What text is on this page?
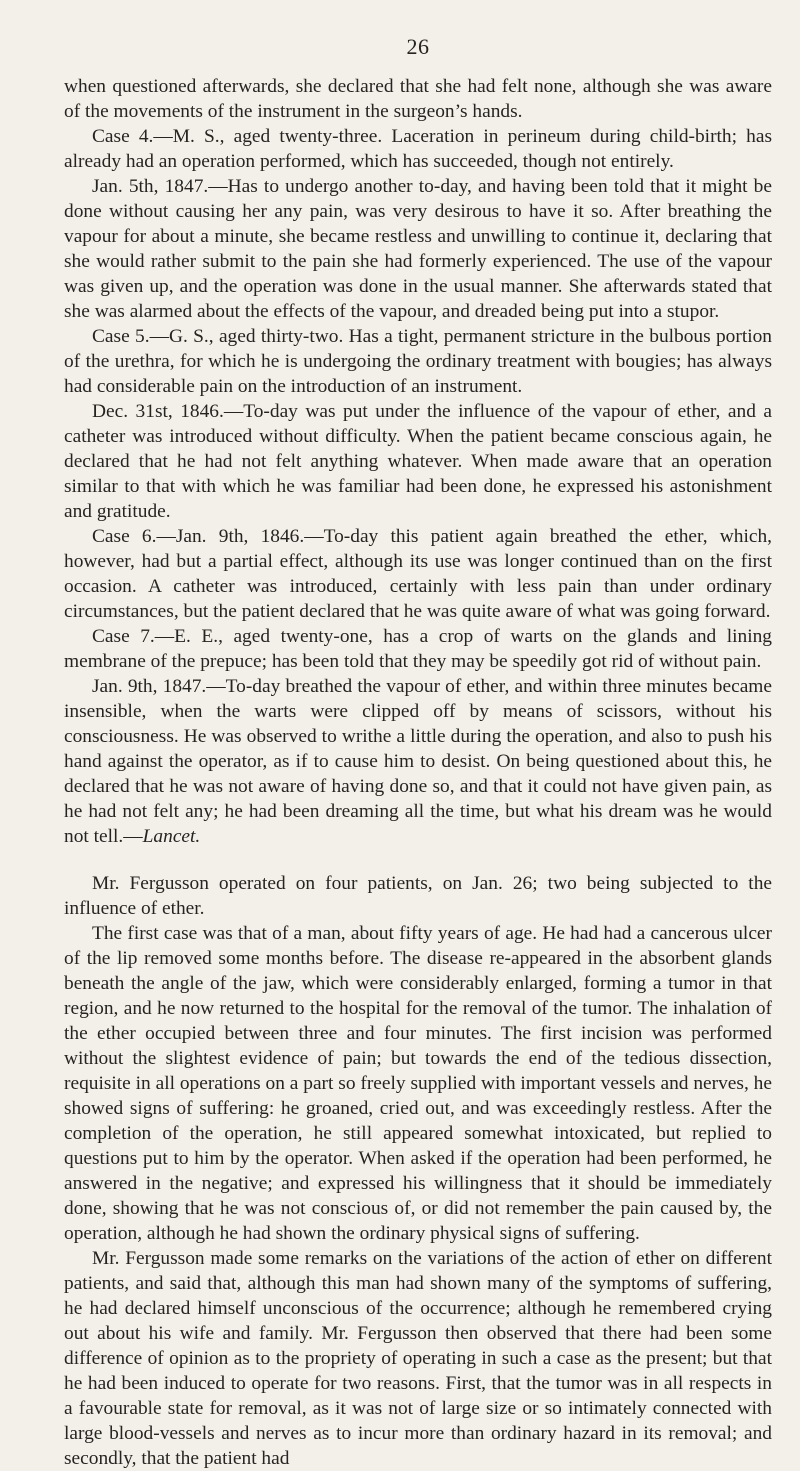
26

when questioned afterwards, she declared that she had felt none, although she was aware of the movements of the instrument in the surgeon’s hands.

Case 4.—M. S., aged twenty-three. Laceration in perineum during child-birth; has already had an operation performed, which has succeeded, though not entirely.

Jan. 5th, 1847.—Has to undergo another to-day, and having been told that it might be done without causing her any pain, was very desirous to have it so. After breathing the vapour for about a minute, she became restless and unwilling to continue it, declaring that she would rather submit to the pain she had formerly experienced. The use of the vapour was given up, and the operation was done in the usual manner. She afterwards stated that she was alarmed about the effects of the vapour, and dreaded being put into a stupor.

Case 5.—G. S., aged thirty-two. Has a tight, permanent stricture in the bulbous portion of the urethra, for which he is undergoing the ordinary treatment with bougies; has always had considerable pain on the introduction of an instrument.

Dec. 31st, 1846.—To-day was put under the influence of the vapour of ether, and a catheter was introduced without difficulty. When the patient became conscious again, he declared that he had not felt anything whatever. When made aware that an operation similar to that with which he was familiar had been done, he expressed his astonishment and gratitude.

Case 6.—Jan. 9th, 1846.—To-day this patient again breathed the ether, which, however, had but a partial effect, although its use was longer continued than on the first occasion. A catheter was introduced, certainly with less pain than under ordinary circumstances, but the patient declared that he was quite aware of what was going forward.

Case 7.—E. E., aged twenty-one, has a crop of warts on the glands and lining membrane of the prepuce; has been told that they may be speedily got rid of without pain.

Jan. 9th, 1847.—To-day breathed the vapour of ether, and within three minutes became insensible, when the warts were clipped off by means of scissors, without his consciousness. He was observed to writhe a little during the operation, and also to push his hand against the operator, as if to cause him to desist. On being questioned about this, he declared that he was not aware of having done so, and that it could not have given pain, as he had not felt any; he had been dreaming all the time, but what his dream was he would not tell.—Lancet.

Mr. Fergusson operated on four patients, on Jan. 26; two being subjected to the influence of ether.

The first case was that of a man, about fifty years of age. He had had a cancerous ulcer of the lip removed some months before. The disease re-appeared in the absorbent glands beneath the angle of the jaw, which were considerably enlarged, forming a tumor in that region, and he now returned to the hospital for the removal of the tumor. The inhalation of the ether occupied between three and four minutes. The first incision was performed without the slightest evidence of pain; but towards the end of the tedious dissection, requisite in all operations on a part so freely supplied with important vessels and nerves, he showed signs of suffering: he groaned, cried out, and was exceedingly restless. After the completion of the operation, he still appeared somewhat intoxicated, but replied to questions put to him by the operator. When asked if the operation had been performed, he answered in the negative; and expressed his willingness that it should be immediately done, showing that he was not conscious of, or did not remember the pain caused by, the operation, although he had shown the ordinary physical signs of suffering.

Mr. Fergusson made some remarks on the variations of the action of ether on different patients, and said that, although this man had shown many of the symptoms of suffering, he had declared himself unconscious of the occurrence; although he remembered crying out about his wife and family. Mr. Fergusson then observed that there had been some difference of opinion as to the propriety of operating in such a case as the present; but that he had been induced to operate for two reasons. First, that the tumor was in all respects in a favourable state for removal, as it was not of large size or so intimately connected with large blood-vessels and nerves as to incur more than ordinary hazard in its removal; and secondly, that the patient had
